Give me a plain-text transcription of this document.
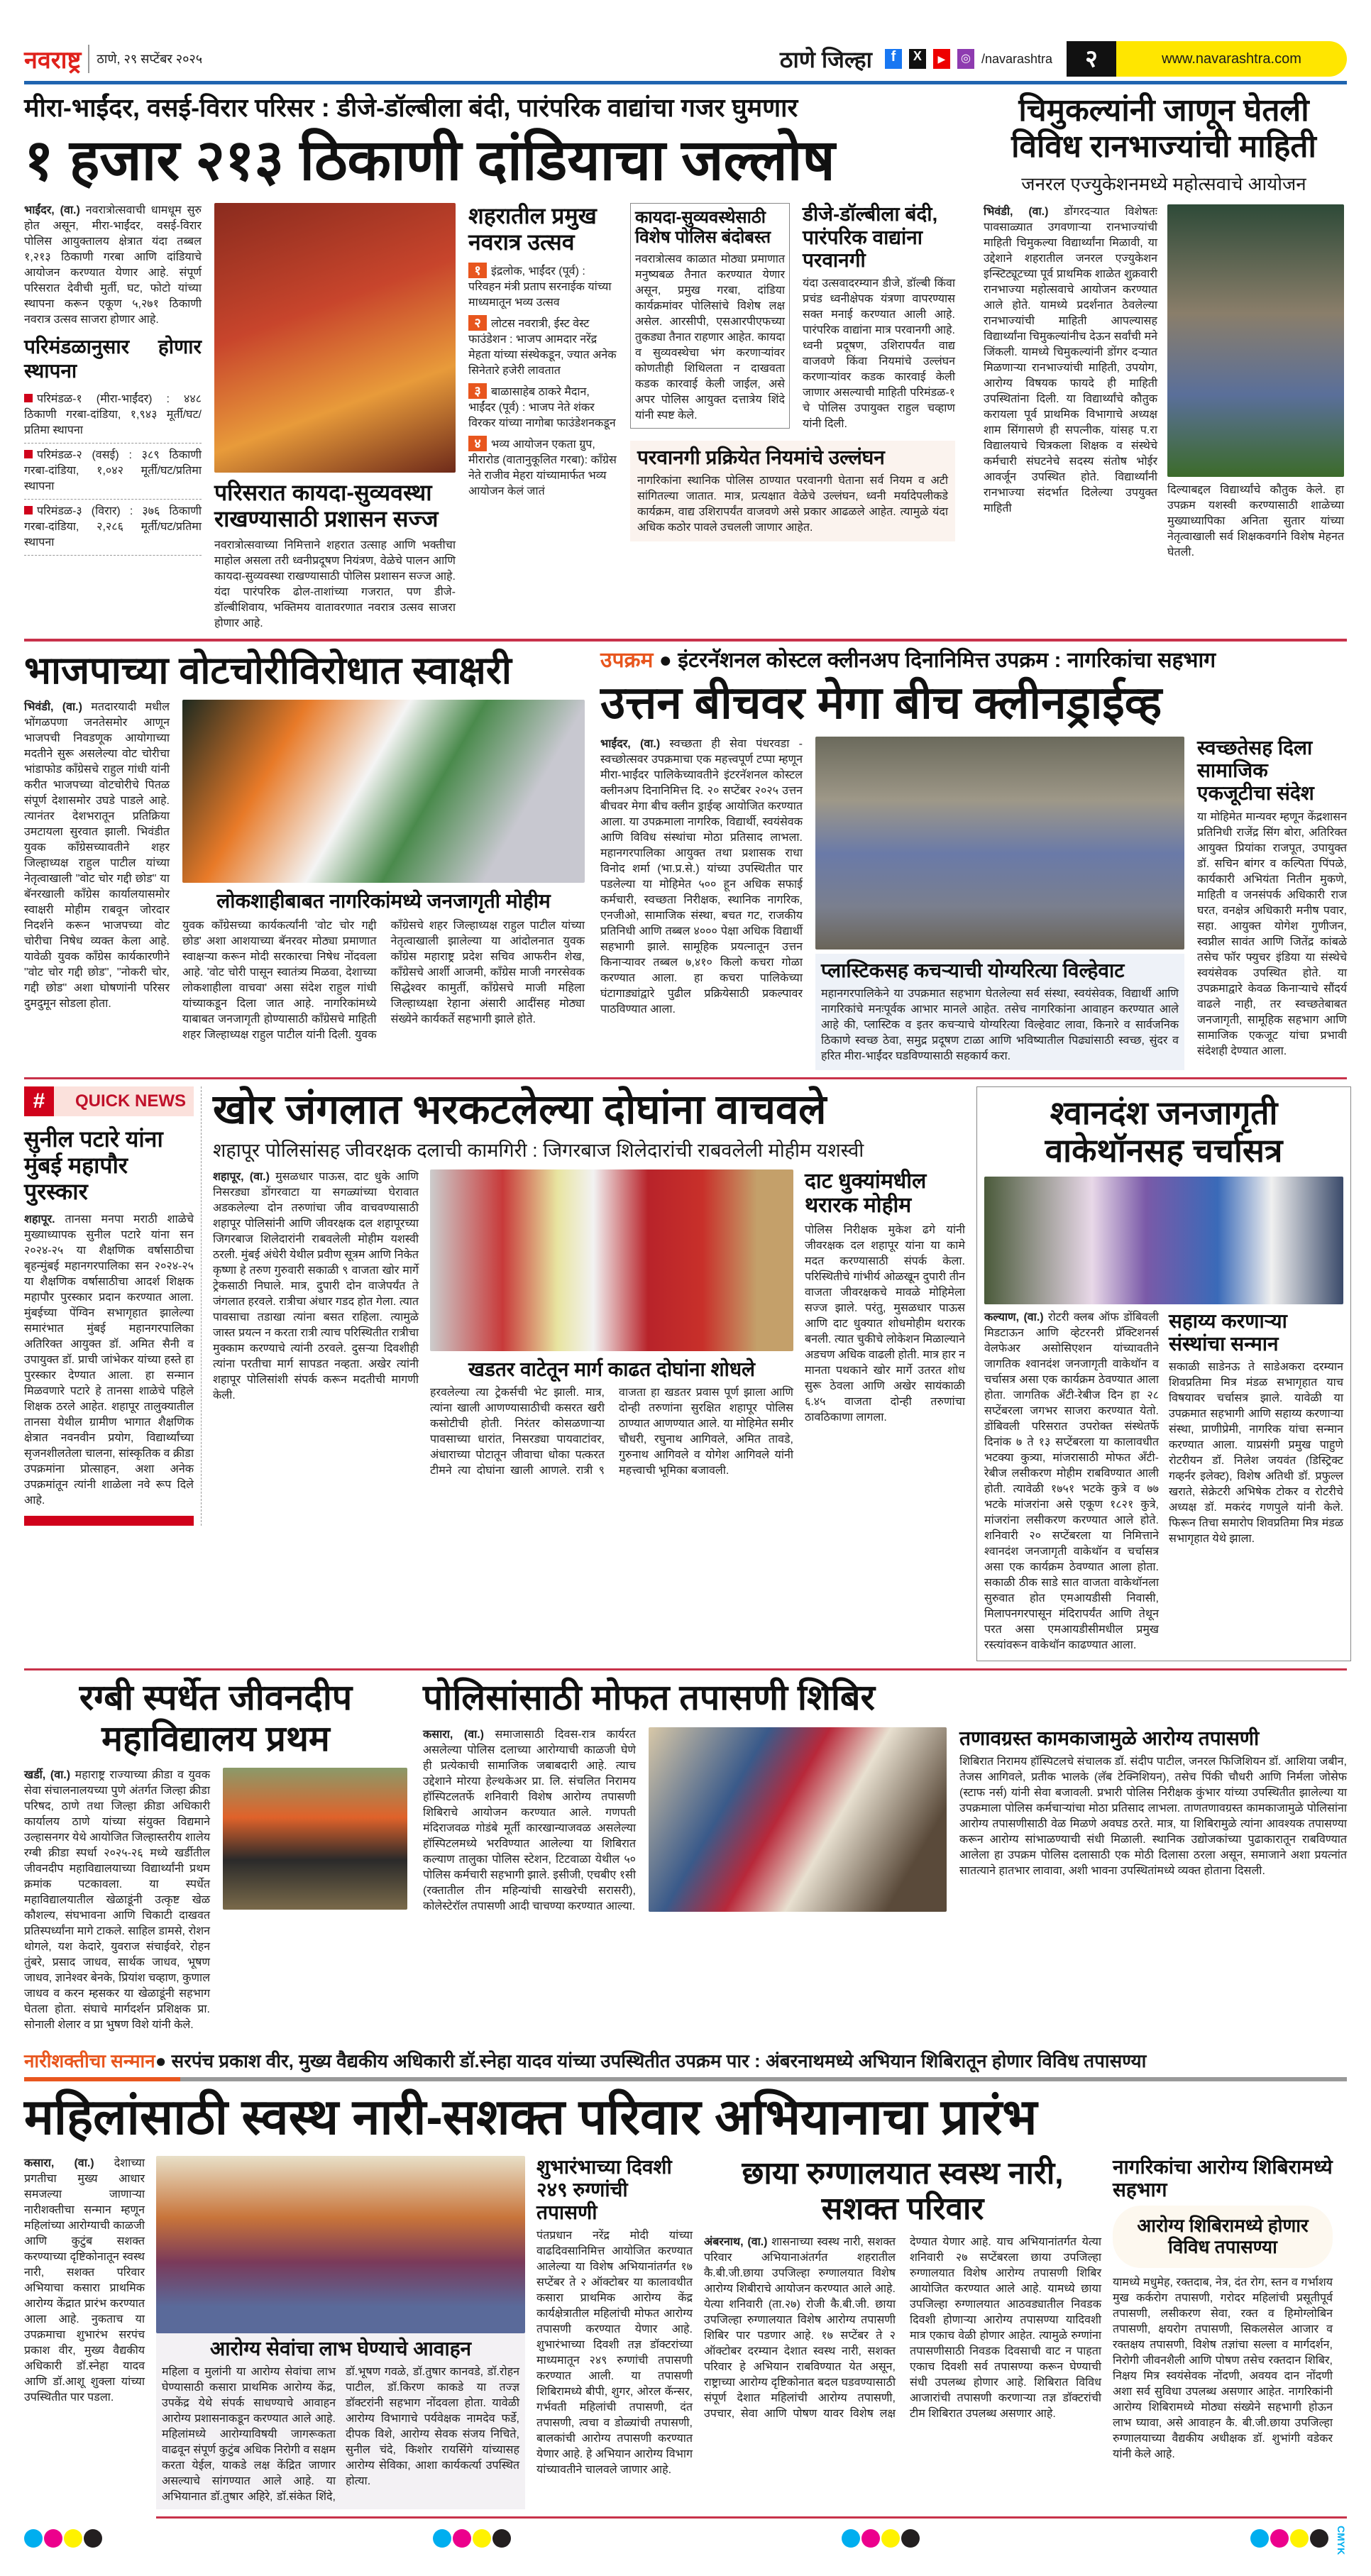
नवराष्ट्र ठाणे, २९ सप्टेंबर २०२५	ठाणे जिल्हा	f	X	▶	◎ /navarashtra	२	www.navarashtra.com
मीरा-भाईंदर, वसई-विरार परिसर : डीजे-डॉल्बीला बंदी, पारंपरिक वाद्यांचा गजर घुमणार
१ हजार २१३ ठिकाणी दांडियाचा जल्लोष
भाईंदर, (वा.) नवरात्रोत्सवाची धामधूम सुरु होत असून, मीरा-भाईंदर, वसई-विरार पोलिस आयुक्तालय क्षेत्रात यंदा तब्बल १,२१३ ठिकाणी गरबा आणि दांडियाचे आयोजन करण्यात येणार आहे. संपूर्ण परिसरात देवीची मुर्ती, घट, फोटो यांच्या स्थापना करून एकूण ५,२७१ ठिकाणी नवरात्र उत्सव साजरा होणार आहे.
परिमंडळानुसार होणार स्थापना
परिमंडळ-१ (मीरा-भाईंदर) : ४४८ ठिकाणी गरबा-दांडिया, १,९४३ मूर्ती/घट/प्रतिमा स्थापना
परिमंडळ-२ (वसई) : ३८९ ठिकाणी गरबा-दांडिया, १,०४२ मूर्ती/घट/प्रतिमा स्थापना
परिमंडळ-३ (विरार) : ३७६ ठिकाणी गरबा-दांडिया, २,२८६ मूर्ती/घट/प्रतिमा स्थापना
परिसरात कायदा-सुव्यवस्था राखण्यासाठी प्रशासन सज्ज
नवरात्रोत्सवाच्या निमित्ताने शहरात उत्साह आणि भक्तीचा माहोल असला तरी ध्वनीप्रदूषण नियंत्रण, वेळेचे पालन आणि कायदा-सुव्यवस्था राखण्यासाठी पोलिस प्रशासन सज्ज आहे. यंदा पारंपरिक ढोल-ताशांच्या गजरात, पण डीजे-डॉल्बीशिवाय, भक्तिमय वातावरणात नवरात्र उत्सव साजरा होणार आहे.
शहरातील प्रमुख नवरात्र उत्सव
१ इंद्रलोक, भाईंदर (पूर्व) : परिवहन मंत्री प्रताप सरनाईक यांच्या माध्यमातून भव्य उत्सव
२ लोटस नवरात्री, ईस्ट वेस्ट फाउंडेशन : भाजप आमदार नरेंद्र मेहता यांच्या संस्थेकडून, ज्यात अनेक सिनेतारे हजेरी लावतात
३ बाळासाहेब ठाकरे मैदान, भाईंदर (पूर्व) : भाजप नेते शंकर विरकर यांच्या नागोबा फाउंडेशनकडून
४ भव्य आयोजन एकता ग्रुप, मीरारोड (वातानुकूलित गरबा): काँग्रेस नेते राजीव मेहरा यांच्यामार्फत भव्य आयोजन केलं जातं
कायदा-सुव्यवस्थेसाठी विशेष पोलिस बंदोबस्त
नवरात्रोत्सव काळात मोठ्या प्रमाणात मनुष्यबळ तैनात करण्यात येणार असून, प्रमुख गरबा, दांडिया कार्यक्रमांवर पोलिसांचे विशेष लक्ष असेल. आरसीपी, एसआरपीएफच्या तुकड्या तैनात राहणार आहेत. कायदा व सुव्यवस्थेचा भंग करणाऱ्यांवर कोणतीही शिथिलता न दाखवता कडक कारवाई केली जाईल, असे अपर पोलिस आयुक्त दत्तात्रेय शिंदे यांनी स्पष्ट केले.
डीजे-डॉल्बीला बंदी, पारंपरिक वाद्यांना परवानगी
यंदा उत्सवादरम्यान डीजे, डॉल्बी किंवा प्रचंड ध्वनीक्षेपक यंत्रणा वापरण्यास सक्त मनाई करण्यात आली आहे. पारंपरिक वाद्यांना मात्र परवानगी आहे. ध्वनी प्रदूषण, उशिरापर्यंत वाद्य वाजवणे किंवा नियमांचे उल्लंघन करणाऱ्यांवर कडक कारवाई केली जाणार असल्याची माहिती परिमंडळ-१ चे पोलिस उपायुक्त राहुल चव्हाण यांनी दिली.
परवानगी प्रक्रियेत नियमांचे उल्लंघन
नागरिकांना स्थानिक पोलिस ठाण्यात परवानगी घेताना सर्व नियम व अटी सांगितल्या जातात. मात्र, प्रत्यक्षात वेळेचे उल्लंघन, ध्वनी मर्यादेपलीकडे कार्यक्रम, वाद्य उशिरापर्यंत वाजवणे असे प्रकार आढळले आहेत. त्यामुळे यंदा अधिक कठोर पावले उचलली जाणार आहेत.
चिमुकल्यांनी जाणून घेतली विविध रानभाज्यांची माहिती
जनरल एज्युकेशनमध्ये महोत्सवाचे आयोजन
भिवंडी, (वा.) डोंगरदऱ्यात विशेषतः पावसाळ्यात उगवणाऱ्या रानभाज्यांची माहिती चिमुकल्या विद्यार्थ्यांना मिळावी, या उद्देशाने शहरातील जनरल एज्युकेशन इन्स्टिट्यूटच्या पूर्व प्राथमिक शाळेत शुक्रवारी रानभाज्या महोत्सवाचे आयोजन करण्यात आले होते. यामध्ये प्रदर्शनात ठेवलेल्या रानभाज्यांची माहिती आपल्यासह विद्यार्थ्यांना चिमुकल्यांनीच देऊन सर्वांची मने जिंकली. यामध्ये चिमुकल्यांनी डोंगर दऱ्यात मिळणाऱ्या रानभाज्यांची माहिती, उपयोग, आरोग्य विषयक फायदे ही माहिती उपस्थितांना दिली. या विद्यार्थ्यांचे कौतुक करायला पूर्व प्राथमिक विभागाचे अध्यक्ष शाम सिंगासणे ही सपत्नीक, यांसह प.रा विद्यालयाचे चित्रकला शिक्षक व संस्थेचे कर्मचारी संघटनेचे सदस्य संतोष भोईर आवर्जून उपस्थित होते. विद्यार्थ्यांनी रानभाज्या संदर्भात दिलेल्या उपयुक्त माहिती
दिल्याबद्दल विद्यार्थ्यांचे कौतुक केले. हा उपक्रम यशस्वी करण्यासाठी शाळेच्या मुख्याध्यापिका अनिता सुतार यांच्या नेतृत्वाखाली सर्व शिक्षकवर्गाने विशेष मेहनत घेतली.
भाजपाच्या वोटचोरीविरोधात स्वाक्षरी
भिवंडी, (वा.) मतदारयादी मधील भोंगळपणा जनतेसमोर आणून भाजपची निवडणूक आयोगाच्या मदतीने सुरू असलेल्या वोट चोरीचा भांडाफोड काँग्रेसचे राहुल गांधी यांनी करीत भाजपच्या वोटचोरीचे पितळ संपूर्ण देशासमोर उघडे पाडले आहे. त्यानंतर देशभरातून प्रतिक्रिया उमटायला सुरवात झाली. भिवंडीत युवक काँग्रेसच्यावतीने शहर जिल्हाध्यक्ष राहुल पाटील यांच्या नेतृत्वाखाली "वोट चोर गद्दी छोड" या बॅनरखाली काँग्रेस कार्यालयासमोर स्वाक्षरी मोहीम राबवून जोरदार निदर्शने करून भाजपच्या वोट चोरीचा निषेध व्यक्त केला आहे. यावेळी युवक काँग्रेस कार्यकारणीने "वोट चोर गद्दी छोड", "नोकरी चोर, गद्दी छोड" अशा घोषणांनी परिसर दुमदुमून सोडला होता.
लोकशाहीबाबत नागरिकांमध्ये जनजागृती मोहीम
युवक काँग्रेसच्या कार्यकर्त्यांनी 'वोट चोर गद्दी छोड' अशा आशयाच्या बॅनरवर मोठ्या प्रमाणात स्वाक्षऱ्या करून मोदी सरकारचा निषेध नोंदवला आहे. 'वोट चोरी पासून स्वातंत्र्य मिळवा, देशाच्या लोकशाहीला वाचवा' असा संदेश राहुल गांधी यांच्याकडून दिला जात आहे. नागरिकांमध्ये याबाबत जनजागृती होण्यासाठी काँग्रेसचे माहिती शहर जिल्हाध्यक्ष राहुल पाटील यांनी दिली. युवक काँग्रेसचे शहर जिल्हाध्यक्ष राहुल पाटील यांच्या नेतृत्वाखाली झालेल्या या आंदोलनात युवक काँग्रेस महाराष्ट्र प्रदेश सचिव आफरीन शेख, काँग्रेसचे आर्शी आजमी, काँग्रेस माजी नगरसेवक सिद्धेश्वर कामुर्ती, काँग्रेसचे माजी महिला जिल्हाध्यक्षा रेहाना अंसारी आदींसह मोठ्या संख्येने कार्यकर्ते सहभागी झाले होते.
उपक्रम ● इंटरनॅशनल कोस्टल क्लीनअप दिनानिमित्त उपक्रम : नागरिकांचा सहभाग
उत्तन बीचवर मेगा बीच क्लीनड्राईव्ह
भाईंदर, (वा.) स्वच्छता ही सेवा पंधरवडा - स्वच्छोत्सवर उपक्रमाचा एक महत्त्वपूर्ण टप्पा म्हणून मीरा-भाईंदर पालिकेच्यावतीने इंटरनॅशनल कोस्टल क्लीनअप दिनानिमित्त दि. २० सप्टेंबर २०२५ उत्तन बीचवर मेगा बीच क्लीन ड्राईव्ह आयोजित करण्यात आला. या उपक्रमाला नागरिक, विद्यार्थी, स्वयंसेवक आणि विविध संस्थांचा मोठा प्रतिसाद लाभला. महानगरपालिका आयुक्त तथा प्रशासक राधा विनोद शर्मा (भा.प्र.से.) यांच्या उपस्थितीत पार पडलेल्या या मोहिमेत ५०० हून अधिक सफाई कर्मचारी, स्वच्छता निरीक्षक, स्थानिक नागरिक, एनजीओ, सामाजिक संस्था, बचत गट, राजकीय प्रतिनिधी आणि तब्बल ४००० पेक्षा अधिक विद्यार्थी सहभागी झाले. सामूहिक प्रयत्नातून उत्तन किनाऱ्यावर तब्बल ७,४१० किलो कचरा गोळा करण्यात आला. हा कचरा पालिकेच्या घंटागाड्यांद्वारे पुढील प्रक्रियेसाठी प्रकल्पावर पाठविण्यात आला.
प्लास्टिकसह कचऱ्याची योग्यरित्या विल्हेवाट
महानगरपालिकेने या उपक्रमात सहभाग घेतलेल्या सर्व संस्था, स्वयंसेवक, विद्यार्थी आणि नागरिकांचे मनःपूर्वक आभार मानले आहेत. तसेच नागरिकांना आवाहन करण्यात आले आहे की, प्लास्टिक व इतर कचऱ्याचे योग्यरित्या विल्हेवाट लावा, किनारे व सार्वजनिक ठिकाणे स्वच्छ ठेवा, समुद्र प्रदूषण टाळा आणि भविष्यातील पिढ्यांसाठी स्वच्छ, सुंदर व हरित मीरा-भाईंदर घडविण्यासाठी सहकार्य करा.
स्वच्छतेसह दिला सामाजिक एकजूटीचा संदेश
या मोहिमेत मान्यवर म्हणून केंद्रशासन प्रतिनिधी राजेंद्र सिंग बोरा, अतिरिक्त आयुक्त प्रियांका राजपूत, उपायुक्त डॉ. सचिन बांगर व कल्पिता पिंपळे, कार्यकारी अभियंता नितीन मुकणे, माहिती व जनसंपर्क अधिकारी राज घरत, वनक्षेत्र अधिकारी मनीष पवार, सहा. आयुक्त योगेश गुणीजन, स्वप्नील सावंत आणि जितेंद्र कांबळे तसेच फॉर फ्युचर इंडिया या संस्थेचे स्वयंसेवक उपस्थित होते. या उपक्रमाद्वारे केवळ किनाऱ्याचे सौंदर्य वाढले नाही, तर स्वच्छतेबाबत जनजागृती, सामूहिक सहभाग आणि सामाजिक एकजूट यांचा प्रभावी संदेशही देण्यात आला.
#	QUICK NEWS
सुनील पटारे यांना मुंबई महापौर पुरस्कार
शहापूर. तानसा मनपा मराठी शाळेचे मुख्याध्यापक सुनील पटारे यांना सन २०२४-२५ या शैक्षणिक वर्षासाठीचा बृहन्मुंबई महानगरपालिका सन २०२४-२५ या शैक्षणिक वर्षासाठीचा आदर्श शिक्षक महापौर पुरस्कार प्रदान करण्यात आला. मुंबईच्या पेंग्विन सभागृहात झालेल्या समारंभात मुंबई महानगरपालिका अतिरिक्त आयुक्त डॉ. अमित सैनी व उपायुक्त डॉ. प्राची जांभेकर यांच्या हस्ते हा पुरस्कार देण्यात आला. हा सन्मान मिळवणारे पटारे हे तानसा शाळेचे पहिले शिक्षक ठरले आहेत. शहापूर तालुक्यातील तानसा येथील ग्रामीण भागात शैक्षणिक क्षेत्रात नवनवीन प्रयोग, विद्यार्थ्यांच्या सृजनशीलतेला चालना, सांस्कृतिक व क्रीडा उपक्रमांना प्रोत्साहन, अशा अनेक उपक्रमांतून त्यांनी शाळेला नवे रूप दिले आहे.
खोर जंगलात भरकटलेल्या दोघांना वाचवले
शहापूर पोलिसांसह जीवरक्षक दलाची कामगिरी : जिगरबाज शिलेदारांची राबवलेली मोहीम यशस्वी
शहापूर, (वा.) मुसळधार पाऊस, दाट धुके आणि निसरड्या डोंगरवाटा या सगळ्यांच्या घेरावात अडकलेल्या दोन तरुणांचा जीव वाचवण्यासाठी शहापूर पोलिसांनी आणि जीवरक्षक दल शहापूरच्या जिगरबाज शिलेदारांनी राबवलेली मोहीम यशस्वी ठरली. मुंबई अंधेरी येथील प्रवीण सूत्रम आणि निकेत कृष्णा हे तरुण गुरुवारी सकाळी ९ वाजता खोर मार्गे ट्रेकसाठी निघाले. मात्र, दुपारी दोन वाजेपर्यंत ते जंगलात हरवले. रात्रीचा अंधार गडद होत गेला. त्यात पावसाचा तडाखा त्यांना बसत राहिला. त्यामुळे जास्त प्रयत्न न करता रात्री त्याच परिस्थितीत रात्रीचा मुक्काम करण्याचे त्यांनी ठरवले. दुसऱ्या दिवशीही त्यांना परतीचा मार्ग सापडत नव्हता. अखेर त्यांनी शहापूर पोलिसांशी संपर्क करून मदतीची मागणी केली.
खडतर वाटेतून मार्ग काढत दोघांना शोधले
हरवलेल्या त्या ट्रेकर्सची भेट झाली. मात्र, त्यांना खाली आणण्यासाठीची कसरत खरी कसोटीची होती. निरंतर कोसळणाऱ्या पावसाच्या धारांत, निसरड्या पायवाटांवर, अंधाराच्या पोटातून जीवाचा धोका पत्करत टीमने त्या दोघांना खाली आणले. रात्री ९ वाजता हा खडतर प्रवास पूर्ण झाला आणि दोन्ही तरुणांना सुरक्षित शहापूर पोलिस ठाण्यात आणण्यात आले. या मोहिमेत समीर चौधरी, रघुनाथ आगिवले, अमित तावडे, गुरुनाथ आगिवले व योगेश आगिवले यांनी महत्त्वाची भूमिका बजावली.
दाट धुक्यांमधील थरारक मोहीम
पोलिस निरीक्षक मुकेश ढगे यांनी जीवरक्षक दल शहापूर यांना या कामे मदत करण्यासाठी संपर्क केला. परिस्थितीचे गांभीर्य ओळखून दुपारी तीन वाजता जीवरक्षकचे मावळे मोहिमेला सज्ज झाले. परंतु, मुसळधार पाऊस आणि दाट धुक्यात शोधमोहीम थरारक बनली. त्यात चुकीचे लोकेशन मिळाल्याने अडचण अधिक वाढली होती. मात्र हार न मानता पथकाने खोर मार्गे उतरत शोध सुरू ठेवला आणि अखेर सायंकाळी ६.४५ वाजता दोन्ही तरुणांचा ठावठिकाणा लागला.
श्वानदंश जनजागृती वाकेथॉनसह चर्चासत्र
कल्याण, (वा.) रोटरी क्लब ऑफ डोंबिवली मिडटाऊन आणि व्हेटरनरी प्रॅक्टिशनर्स वेलफेअर असोसिएशन यांच्यावतीने जागतिक श्वानदंश जनजागृती वाकेथॉन व चर्चासत्र असा एक कार्यक्रम ठेवण्यात आला होता. जागतिक अँटी-रेबीज दिन हा २८ सप्टेंबरला जगभर साजरा करण्यात येतो. डोंबिवली परिसरात उपरोक्त संस्थेतर्फे दिनांक ७ ते १३ सप्टेंबरला या कालावधीत भटक्या कुत्र्या, मांजरासाठी मोफत अँटी-रेबीज लसीकरण मोहीम राबविण्यात आली होती. त्यावेळी १७५१ भटके कुत्रे व ७७ भटके मांजरांना असे एकूण १८२१ कुत्रे, मांजरांना लसीकरण करण्यात आले होते. शनिवारी २० सप्टेंबरला या निमित्ताने श्वानदंश जनजागृती वाकेथॉन व चर्चासत्र असा एक कार्यक्रम ठेवण्यात आला होता. सकाळी ठीक साडे सात वाजता वाकेथॉनला सुरुवात होत एमआयडीसी निवासी, मिलापनगरपासून मंदिरापर्यंत आणि तेथून परत असा एमआयडीसीमधील प्रमुख रस्त्यांवरून वाकेथॉन काढण्यात आला.
सहाय्य करणाऱ्या संस्थांचा सन्मान
सकाळी साडेनऊ ते साडेअकरा दरम्यान शिवप्रतिमा मित्र मंडळ सभागृहात याच विषयावर चर्चासत्र झाले. यावेळी या उपक्रमात सहभागी आणि सहाय्य करणाऱ्या संस्था, प्राणीप्रेमी, नागरिक यांचा सन्मान करण्यात आला. याप्रसंगी प्रमुख पाहुणे रोटरीयन डॉ. निलेश जयवंत (डिस्ट्रिक्ट गव्हर्नर इलेक्ट), विशेष अतिथी डॉ. प्रफुल्ल खराते, सेक्रेटरी अभिषेक टोकर व रोटरीचे अध्यक्ष डॉ. मकरंद गणपुले यांनी केले. फिरून तिचा समारोप शिवप्रतिमा मित्र मंडळ सभागृहात येथे झाला.
रग्बी स्पर्धेत जीवनदीप महाविद्यालय प्रथम
खर्डी, (वा.) महाराष्ट्र राज्याच्या क्रीडा व युवक सेवा संचालनालयच्या पुणे अंतर्गत जिल्हा क्रीडा परिषद, ठाणे तथा जिल्हा क्रीडा अधिकारी कार्यालय ठाणे यांच्या संयुक्त विद्यमाने उल्हासनगर येथे आयोजित जिल्हास्तरीय शालेय रग्बी क्रीडा स्पर्धा २०२५-२६ मध्ये खर्डीतील जीवनदीप महाविद्यालयाच्या विद्यार्थ्यांनी प्रथम क्रमांक पटकावला. या स्पर्धेत महाविद्यालयातील खेळाडूंनी उत्कृष्ट खेळ कौशल्य, संघभावना आणि चिकाटी दाखवत प्रतिस्पर्ध्यांना मागे टाकले. साहिल डामसे, रोशन थोगले, यश केदारे, युवराज संचाईवरे, रोहन तुंबरे, प्रसाद जाधव, सार्थक जाधव, भूषण जाधव, ज्ञानेश्वर बेनके, प्रियांश चव्हाण, कुणाल जाधव व करन म्हसकर या खेळाडूंनी सहभाग घेतला होता. संघाचे मार्गदर्शन प्रशिक्षक प्रा. सोनाली शेलार व प्रा भुषण विशे यांनी केले.
पोलिसांसाठी मोफत तपासणी शिबिर
कसारा, (वा.) समाजासाठी दिवस-रात्र कार्यरत असलेल्या पोलिस दलाच्या आरोग्याची काळजी घेणे ही प्रत्येकाची सामाजिक जबाबदारी आहे. त्याच उद्देशाने मोरया हेल्थकेअर प्रा. लि. संचलित निरामय हॉस्पिटलतर्फे शनिवारी विशेष आरोग्य तपासणी शिबिराचे आयोजन करण्यात आले. गणपती मंदिराजवळ गोडंबे मूर्ती कारखान्याजवळ असलेल्या हॉस्पिटलमध्ये भरविण्यात आलेल्या या शिबिरात कल्याण तालुका पोलिस स्टेशन, टिटवाळा येथील ५० पोलिस कर्मचारी सहभागी झाले. इसीजी, एचबीए १सी (रक्तातील तीन महिन्यांची साखरेची सरासरी), कोलेस्टेरॉल तपासणी आदी चाचण्या करण्यात आल्या.
तणावग्रस्त कामकाजामुळे आरोग्य तपासणी
शिबिरात निरामय हॉस्पिटलचे संचालक डॉ. संदीप पाटील, जनरल फिजिशियन डॉ. आशिया जबीन, तेजस आगिवले, प्रतीक भालके (लॅब टेक्निशियन), तसेच पिंकी चौधरी आणि निर्मला जोसेफ (स्टाफ नर्स) यांनी सेवा बजावली. प्रभारी पोलिस निरीक्षक कुंभार यांच्या उपस्थितीत झालेल्या या उपक्रमाला पोलिस कर्मचाऱ्यांचा मोठा प्रतिसाद लाभला. ताणतणावग्रस्त कामकाजामुळे पोलिसांना आरोग्य तपासणीसाठी वेळ मिळणे अवघड ठरते. मात्र, या शिबिरामुळे त्यांना आवश्यक तपासण्या करून आरोग्य सांभाळण्याची संधी मिळाली. स्थानिक उद्योजकांच्या पुढाकारातून राबविण्यात आलेला हा उपक्रम पोलिस दलासाठी एक मोठी दिलासा ठरला असून, समाजाने अशा प्रयत्नांत सातत्याने हातभार लावावा, अशी भावना उपस्थितांमध्ये व्यक्त होताना दिसली.
नारीशक्तीचा सन्मान● सरपंच प्रकाश वीर, मुख्य वैद्यकीय अधिकारी डॉ.स्नेहा यादव यांच्या उपस्थितीत उपक्रम पार : अंबरनाथमध्ये अभियान शिबिरातून होणार विविध तपासण्या
महिलांसाठी स्वस्थ नारी-सशक्त परिवार अभियानाचा प्रारंभ
कसारा, (वा.) देशाच्या प्रगतीचा मुख्य आधार समजल्या जाणाऱ्या नारीशक्तीचा सन्मान म्हणून महिलांच्या आरोग्याची काळजी आणि कुटुंब सशक्त करण्याच्या दृष्टिकोनातून स्वस्थ नारी, सशक्त परिवार अभियाचा कसारा प्राथमिक आरोग्य केंद्रात प्रारंभ करण्यात आला आहे. नुकताच या उपक्रमाचा शुभारंभ सरपंच प्रकाश वीर, मुख्य वैद्यकीय अधिकारी डॉ.स्नेहा यादव आणि डॉ.आशू शुक्ला यांच्या उपस्थितीत पार पडला.
आरोग्य सेवांचा लाभ घेण्याचे आवाहन
महिला व मुलांनी या आरोग्य सेवांचा लाभ घेण्यासाठी कसारा प्राथमिक आरोग्य केंद्र, उपकेंद्र येथे संपर्क साधण्याचे आवाहन आरोग्य प्रशासनाकडून करण्यात आले आहे. महिलांमध्ये आरोग्याविषयी जागरूकता वाढवून संपूर्ण कुटुंब अधिक निरोगी व सक्षम करता येईल, याकडे लक्ष केंद्रित जाणार असल्याचे सांगण्यात आले आहे. या अभियानात डॉ.तुषार अहिरे, डॉ.संकेत शिंदे, डॉ.भूषण गवळे, डॉ.तुषार कानवडे, डॉ.रोहन पाटील, डॉ.किरण काकडे या तज्ज्ञ डॉक्टरांनी सहभाग नोंदवला होता. यावेळी आरोग्य विभागाचे पर्यवेक्षक नामदेव फर्डे, दीपक विशे, आरोग्य सेवक संजय निचिते, सुनील चंदे, किशोर रायसिंगे यांच्यासह आरोग्य सेविका, आशा कार्यकर्त्या उपस्थित होत्या.
शुभारंभाच्या दिवशी २४९ रुग्णांची तपासणी
पंतप्रधान नरेंद्र मोदी यांच्या वाढदिवसानिमित्त आयोजित करण्यात आलेल्या या विशेष अभियानांतर्गत १७ सप्टेंबर ते २ ऑक्टोबर या कालावधीत कसारा प्राथमिक आरोग्य केंद्र कार्यक्षेत्रातील महिलांची मोफत आरोग्य तपासणी करण्यात येणार आहे. शुभारंभाच्या दिवशी तज्ञ डॉक्टरांच्या माध्यमातून २४९ रुग्णांची तपासणी करण्यात आली. या तपासणी शिबिरामध्ये बीपी, शुगर, ओरल कॅन्सर, गर्भवती महिलांची तपासणी, दंत तपासणी, त्वचा व डोळ्यांची तपासणी, बालकांची आरोग्य तपासणी करण्यात येणार आहे. हे अभियान आरोग्य विभाग यांच्यावतीने चालवले जाणार आहे.
छाया रुग्णालयात स्वस्थ नारी, सशक्त परिवार
अंबरनाथ, (वा.) शासनाच्या स्वस्थ नारी, सशक्त परिवार अभियानाअंतर्गत शहरातील कै.बी.जी.छाया उपजिल्हा रुग्णालयात विशेष आरोग्य शिबीराचे आयोजन करण्यात आले आहे. येत्या शनिवारी (ता.२७) रोजी कै.बी.जी. छाया उपजिल्हा रुग्णालयात विशेष आरोग्य तपासणी शिबिर पार पडणार आहे. १७ सप्टेंबर ते २ ऑक्टोबर दरम्यान देशात स्वस्थ नारी, सशक्त परिवार हे अभियान राबविण्यात येत असून, राष्ट्राच्या आरोग्य दृष्टिकोनात बदल घडवण्यासाठी संपूर्ण देशात महिलांची आरोग्य तपासणी, उपचार, सेवा आणि पोषण यावर विशेष लक्ष देण्यात येणार आहे. याच अभियानांतर्गत येत्या शनिवारी २७ सप्टेंबरला छाया उपजिल्हा रुग्णालयात विशेष आरोग्य तपासणी शिबिर आयोजित करण्यात आले आहे. यामध्ये छाया उपजिल्हा रुग्णालयात आठवड्यातील निवडक दिवशी होणाऱ्या आरोग्य तपासण्या यादिवशी मात्र एकाच वेळी होणार आहेत. त्यामुळे रुग्णांना तपासणीसाठी निवडक दिवसाची वाट न पाहता एकाच दिवशी सर्व तपासण्या करून घेण्याची संधी उपलब्ध होणार आहे. शिबिरात विविध आजारांची तपासणी करणाऱ्या तज्ञ डॉक्टरांची टीम शिबिरात उपलब्ध असणार आहे.
नागरिकांचा आरोग्य शिबिरामध्ये सहभाग
आरोग्य शिबिरामध्ये होणार विविध तपासण्या
यामध्ये मधुमेह, रक्तदाब, नेत्र, दंत रोग, स्तन व गर्भाशय मुख कर्करोग तपासणी, गरोदर महिलांची प्रसूतीपूर्व तपासणी, लसीकरण सेवा, रक्त व हिमोग्लोबिन तपासणी, क्षयरोग तपासणी, सिकलसेल आजार व रक्तक्षय तपासणी, विशेष तज्ञांचा सल्ला व मार्गदर्शन, निरोगी जीवनशैली आणि पोषण तसेच रक्तदान शिबिर, निक्षय मित्र स्वयंसेवक नोंदणी, अवयव दान नोंदणी अशा सर्व सुविधा उपलब्ध असणार आहेत. नागरिकांनी आरोग्य शिबिरामध्ये मोठ्या संख्येने सहभागी होऊन लाभ घ्यावा, असे आवाहन कै. बी.जी.छाया उपजिल्हा रुग्णालयाच्या वैद्यकीय अधीक्षक डॉ. शुभांगी वडेकर यांनी केले आहे.
CMYK
